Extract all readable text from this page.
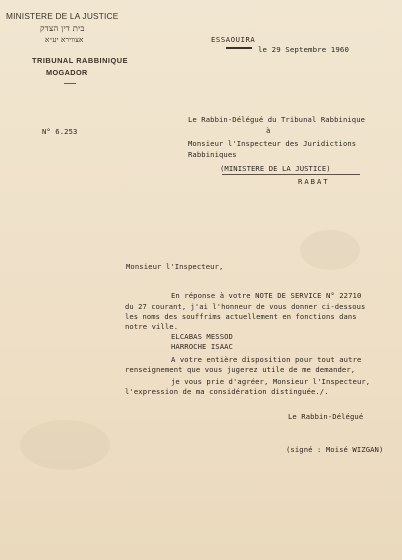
MINISTERE DE LA JUSTICE
בית דין הצדק
אצווירא יע״א
TRIBUNAL RABBINIQUE
MOGADOR
ESSAOUIRA
le 29 Septembre 1960
N° 6.253
Le Rabbin-Délégué du Tribunal Rabbinique
à
Monsieur l'Inspecteur des Juridictions
Rabbiniques
(MINISTERE DE LA JUSTICE)
RABAT
Monsieur l'Inspecteur,
En réponse à votre NOTE DE SERVICE N° 22710
du 27 courant, j'ai l'honneur de vous donner ci-dessous
les noms des souffrims actuellement en fonctions dans
notre ville.
ELCABAS MESSOD
HARROCHE ISAAC
A votre entière disposition pour tout autre
renseignement que vous jugerez utile de me demander,
je vous prie d'agréer, Monsieur l'Inspecteur,
l'expression de ma considération distinguée./.
Le Rabbin-Délégué
(signé : Moisé WIZGAN)
